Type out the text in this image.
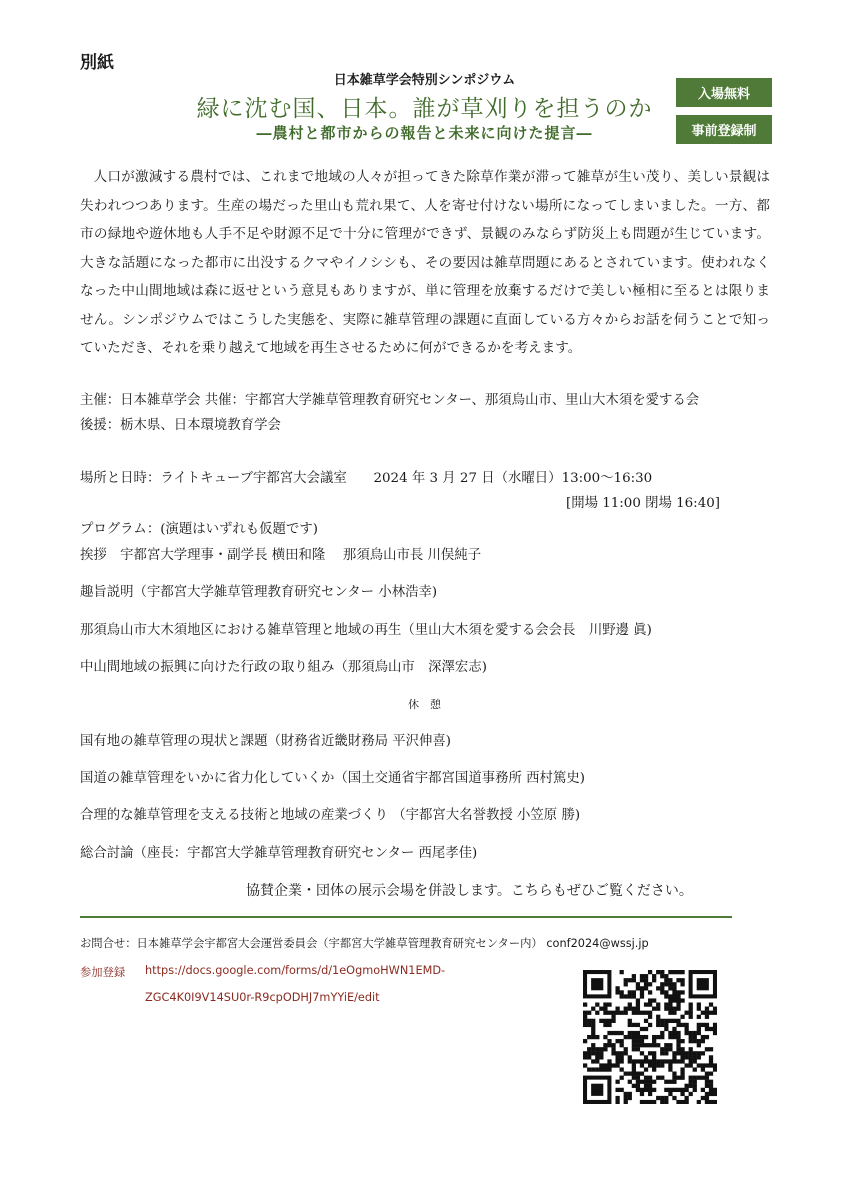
別紙
日本雑草学会特別シンポジウム
緑に沈む国、日本。誰が草刈りを担うのか
―農村と都市からの報告と未来に向けた提言―
入場無料
事前登録制
人口が激減する農村では、これまで地域の人々が担ってきた除草作業が滞って雑草が生い茂り、美しい景観は失われつつあります。生産の場だった里山も荒れ果て、人を寄せ付けない場所になってしまいました。一方、都市の緑地や遊休地も人手不足や財源不足で十分に管理ができず、景観のみならず防災上も問題が生じています。大きな話題になった都市に出没するクマやイノシシも、その要因は雑草問題にあるとされています。使われなくなった中山間地域は森に返せという意見もありますが、単に管理を放棄するだけで美しい極相に至るとは限りません。シンポジウムではこうした実態を、実際に雑草管理の課題に直面している方々からお話を伺うことで知っていただき、それを乗り越えて地域を再生させるために何ができるかを考えます。
主催：日本雑草学会 共催：宇都宮大学雑草管理教育研究センター、那須烏山市、里山大木須を愛する会
後援：栃木県、日本環境教育学会
場所と日時：ライトキューブ宇都宮大会議室　　2024 年 3 月 27 日（水曜日）13:00～16:30
[開場 11:00 閉場 16:40]
プログラム：(演題はいずれも仮題です)
挨拶　宇都宮大学理事・副学長 横田和隆　 那須烏山市長 川俣純子
趣旨説明（宇都宮大学雑草管理教育研究センター 小林浩幸)
那須烏山市大木須地区における雑草管理と地域の再生（里山大木須を愛する会会長　川野邊 眞)
中山間地域の振興に向けた行政の取り組み（那須烏山市　深澤宏志)
休　憩
国有地の雑草管理の現状と課題（財務省近畿財務局 平沢伸喜)
国道の雑草管理をいかに省力化していくか（国土交通省宇都宮国道事務所 西村篤史)
合理的な雑草管理を支える技術と地域の産業づくり （宇都宮大名誉教授 小笠原 勝)
総合討論（座長：宇都宮大学雑草管理教育研究センター 西尾孝佳)
協賛企業・団体の展示会場を併設します。こちらもぜひご覧ください。
お問合せ：日本雑草学会宇都宮大会運営委員会（宇都宮大学雑草管理教育研究センター内） conf2024@wssj.jp
参加登録 https://docs.google.com/forms/d/1eOgmoHWN1EMD-
ZGC4K0I9V14SU0r-R9cpODHJ7mYYiE/edit
